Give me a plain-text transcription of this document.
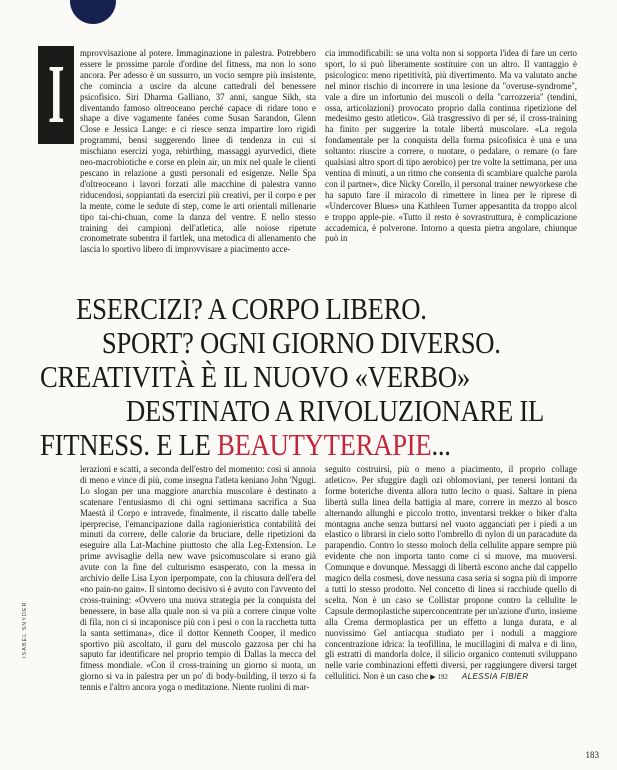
I mprovvisazione al potere. Immaginazione in palestra. Potrebbero essere le prossime parole d'ordine del fitness, ma non lo sono ancora. Per adesso è un sussurro, un vocio sempre più insistente, che comincia a uscire da alcune cattedrali del benessere psicofisico. Siri Dharma Galliano, 37 anni, sangue Sikh, sta diventando famoso oltreoceano perché capace di ridare tono e shape a dive vagamente fanées come Susan Sarandon, Glenn Close e Jessica Lange: e ci riesce senza impartire loro rigidi programmi, bensì suggerendo linee di tendenza in cui si mischiano esercizi yoga, rebirthing, massaggi ayurvedici, diete neo-macrobiotiche e corse en plein air, un mix nel quale le clienti pescano in relazione a gusti personali ed esigenze. Nelle Spa d'oltreoceano i lavori forzati alle macchine di palestra vanno riducendosi, soppiantati da esercizi più creativi, per il corpo e per la mente, come le sedute di step, come le arti orientali millenarie tipo tai-chi-chuan, come la danza del ventre. E nello stesso training dei campioni dell'atletica, alle noiose ripetute cronometrate subentra il fartlek, una metodica di allenamento che lascia lo sportivo libero di improvvisare a piacimento acce-

cia immodificabili: se una volta non si sopporta l'idea di fare un certo sport, lo si può liberamente sostituire con un altro. Il vantaggio è psicologico: meno ripetitività, più divertimento. Ma va valutato anche nel minor rischio di incorrere in una lesione da ''overuse-syndrome'', vale a dire un infortunio dei muscoli o della ''carrozzeria'' (tendini, ossa, articolazioni) provocato proprio dalla continua ripetizione del medesimo gesto atletico». Già trasgressivo di per sé, il cross-training ha finito per suggerire la totale libertà muscolare. «La regola fondamentale per la conquista della forma psicofisica è una e una soltanto: riuscire a correre, o nuotare, o pedalare, o remare (o fare qualsiasi altro sport di tipo aerobico) per tre volte la settimana, per una ventina di minuti, a un ritmo che consenta di scambiare qualche parola con il partner», dice Nicky Corello, il personal trainer newyorkese che ha saputo fare il miracolo di rimettere in linea per le riprese di «Undercover Blues» una Kathleen Turner appesantita da troppo alcol e troppo apple-pie. «Tutto il resto è sovrastruttura, è complicazione accademica, è polverone. Intorno a questa pietra angolare, chiunque può in

ESERCIZI? A CORPO LIBERO.
SPORT? OGNI GIORNO DIVERSO.
CREATIVITÀ È IL NUOVO «VERBO»
DESTINATO A RIVOLUZIONARE IL
FITNESS. E LE BEAUTYTERAPIE...

lerazioni e scatti, a seconda dell'estro del momento: così si annoia di meno e vince di più, come insegna l'atleta keniano John 'Ngugi. Lo slogan per una maggiore anarchia muscolare è destinato a scatenare l'entusiasmo di chi ogni settimana sacrifica a Sua Maestà il Corpo e intravede, finalmente, il riscatto dalle tabelle iperprecise, l'emancipazione dalla ragionieristica contabilità dei minuti da correre, delle calorie da bruciare, delle ripetizioni da eseguire alla Lat-Machine piuttosto che alla Leg-Extension. Le prime avvisaglie della new wave psicomuscolare si erano già avute con la fine del culturismo esasperato, con la messa in archivio delle Lisa Lyon iperpompate, con la chiusura dell'era del «no pain-no gain». Il sintomo decisivo si è avuto con l'avvento del cross-training: «Ovvero una nuova strategia per la conquista del benessere, in base alla quale non si va più a correre cinque volte di fila, non ci si incaponisce più con i pesi o con la racchetta tutta la santa settimana», dice il dottor Kenneth Cooper, il medico sportivo più ascoltato, il guru del muscolo gazzosa per chi ha saputo far identificare nel proprio tempio di Dallas la mecca del fitness mondiale. «Con il cross-training un giorno si nuota, un giorno si va in palestra per un po' di body-building, il terzo si fa tennis e l'altro ancora yoga o meditazione. Niente ruolini di mar-

seguito costruirsi, più o meno a piacimento, il proprio collage atletico». Per sfuggire dagli ozi oblomoviani, per tenersi lontani da forme boteriche diventa allora tutto lecito o quasi. Saltare in piena libertà sulla linea della battigia al mare, correre in mezzo al bosco alternando allunghi e piccolo trotto, inventarsi trekker o biker d'alta montagna anche senza buttarsi nel vuoto agganciati per i piedi a un elastico o librarsi in cielo sotto l'ombrello di nylon di un paracadute da parapendio. Contro lo stesso moloch della cellulite appare sempre più evidente che non importa tanto come ci si muove, ma muoversi. Comunque e dovunque. Messaggi di libertà escono anche dal cappello magico della cosmesi, dove nessuna casa seria si sogna più di imporre a tutti lo stesso prodotto. Nel concetto di linea si racchiude quello di scelta. Non è un caso se Collistar propone contro la cellulite le Capsule dermoplastiche superconcentrate per un'azione d'urto, insieme alla Crema dermoplastica per un effetto a lunga durata, e al nuovissimo Gel antiacqua studiato per i noduli a maggiore concentrazione idrica: la teofillina, le mucillagini di malva e di lino, gli estratti di mandorla dolce, il silicio organico contenuti sviluppano nelle varie combinazioni effetti diversi, per raggiungere diversi target cellulitici. Non è un caso che ▶ 192 ALESSIA FIBIER

ISABEL SNYDER
183
